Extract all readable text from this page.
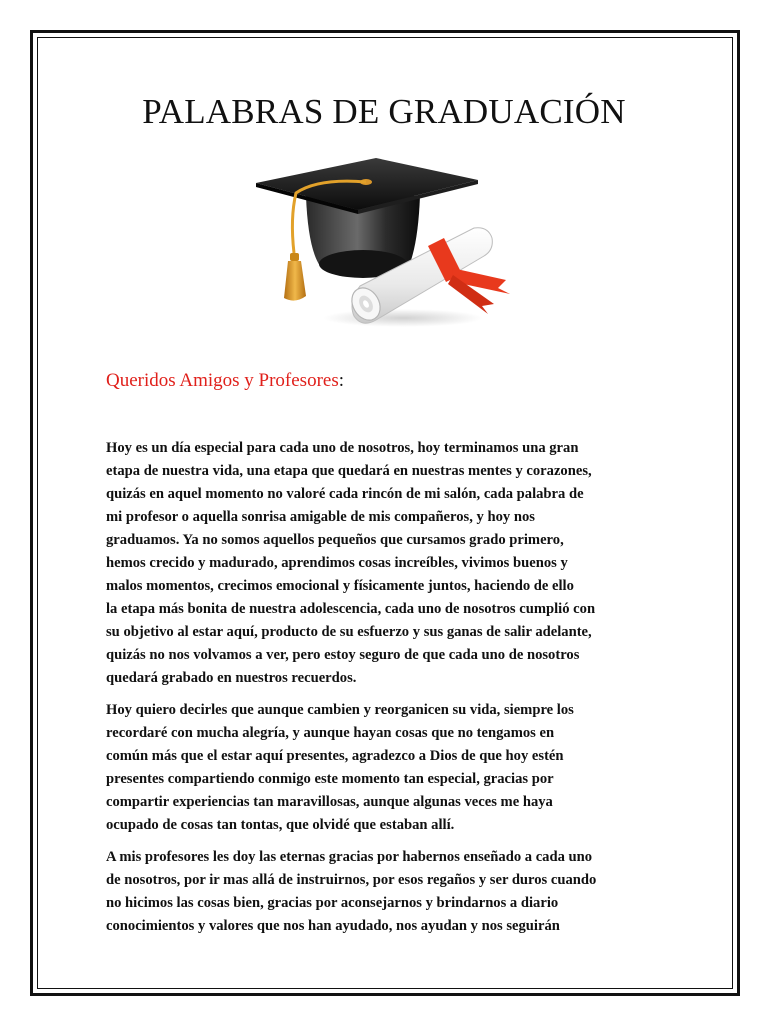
PALABRAS DE GRADUACIÓN

Queridos Amigos y Profesores:

Hoy es un día especial para cada uno de nosotros, hoy terminamos una gran
etapa de nuestra vida, una etapa que quedará en nuestras mentes y corazones,
quizás en aquel momento no valoré cada rincón de mi salón, cada palabra de
mi profesor o aquella sonrisa amigable de mis compañeros, y hoy nos
graduamos. Ya no somos aquellos pequeños que cursamos grado primero,
hemos crecido y madurado, aprendimos cosas increíbles, vivimos buenos y
malos momentos, crecimos emocional y físicamente juntos, haciendo de ello
la etapa más bonita de nuestra adolescencia, cada uno de nosotros cumplió con
su objetivo al estar aquí, producto de su esfuerzo y sus ganas de salir adelante,
quizás no nos volvamos a ver, pero estoy seguro de que cada uno de nosotros
quedará grabado en nuestros recuerdos.

Hoy quiero decirles que aunque cambien y reorganicen su vida, siempre los
recordaré con mucha alegría, y aunque hayan cosas que no tengamos en
común más que el estar aquí presentes, agradezco a Dios de que hoy estén
presentes compartiendo conmigo este momento tan especial, gracias por
compartir experiencias tan maravillosas, aunque algunas veces me haya
ocupado de cosas tan tontas, que olvidé que estaban allí.

A mis profesores les doy las eternas gracias por habernos enseñado a cada uno
de nosotros, por ir mas allá de instruirnos, por esos regaños y ser duros cuando
no hicimos las cosas bien, gracias por aconsejarnos y brindarnos a diario
conocimientos y valores que nos han ayudado, nos ayudan y nos seguirán
